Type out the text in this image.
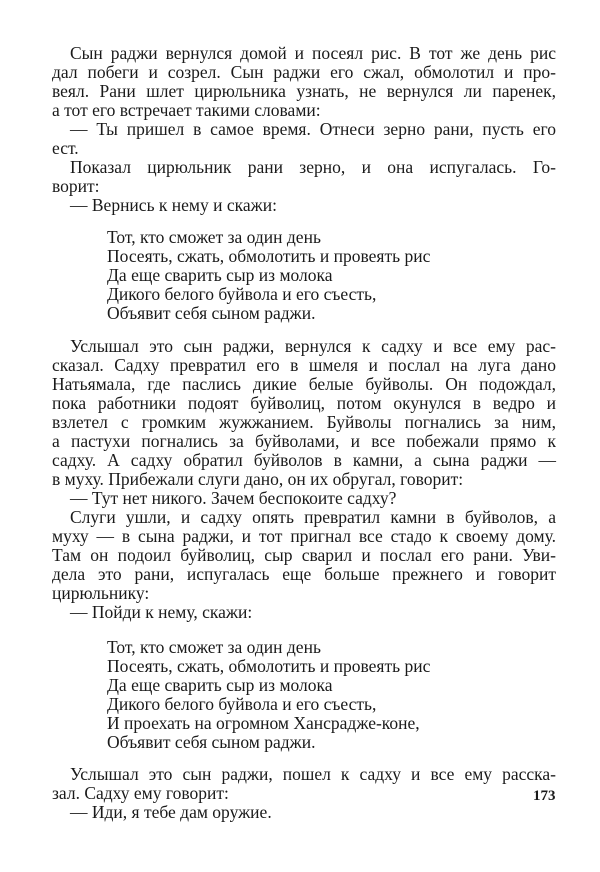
Сын раджи вернулся домой и посеял рис. В тот же день рис

дал побеги и созрел. Сын раджи его сжал, обмолотил и про-

веял. Рани шлет цирюльника узнать, не вернулся ли паренек,

а тот его встречает такими словами:

— Ты пришел в самое время. Отнеси зерно рани, пусть его

ест.

Показал цирюльник рани зерно, и она испугалась. Го-

ворит:

— Вернись к нему и скажи:

Тот, кто сможет за один день

Посеять, сжать, обмолотить и провеять рис

Да еще сварить сыр из молока

Дикого белого буйвола и его съесть,

Объявит себя сыном раджи.

Услышал это сын раджи, вернулся к садху и все ему рас-

сказал. Садху превратил его в шмеля и послал на луга дано

Натьямала, где паслись дикие белые буйволы. Он подождал,

пока работники подоят буйволиц, потом окунулся в ведро и

взлетел с громким жужжанием. Буйволы погнались за ним,

а пастухи погнались за буйволами, и все побежали прямо к

садху. А садху обратил буйволов в камни, а сына раджи —

в муху. Прибежали слуги дано, он их обругал, говорит:

— Тут нет никого. Зачем беспокоите садху?

Слуги ушли, и садху опять превратил камни в буйволов, а

муху — в сына раджи, и тот пригнал все стадо к своему дому.

Там он подоил буйволиц, сыр сварил и послал его рани. Уви-

дела это рани, испугалась еще больше прежнего и говорит

цирюльнику:

— Пойди к нему, скажи:

Тот, кто сможет за один день

Посеять, сжать, обмолотить и провеять рис

Да еще сварить сыр из молока

Дикого белого буйвола и его съесть,

И проехать на огромном Хансрадже-коне,

Объявит себя сыном раджи.

Услышал это сын раджи, пошел к садху и все ему расска-

зал. Садху ему говорит:

— Иди, я тебе дам оружие.

173
